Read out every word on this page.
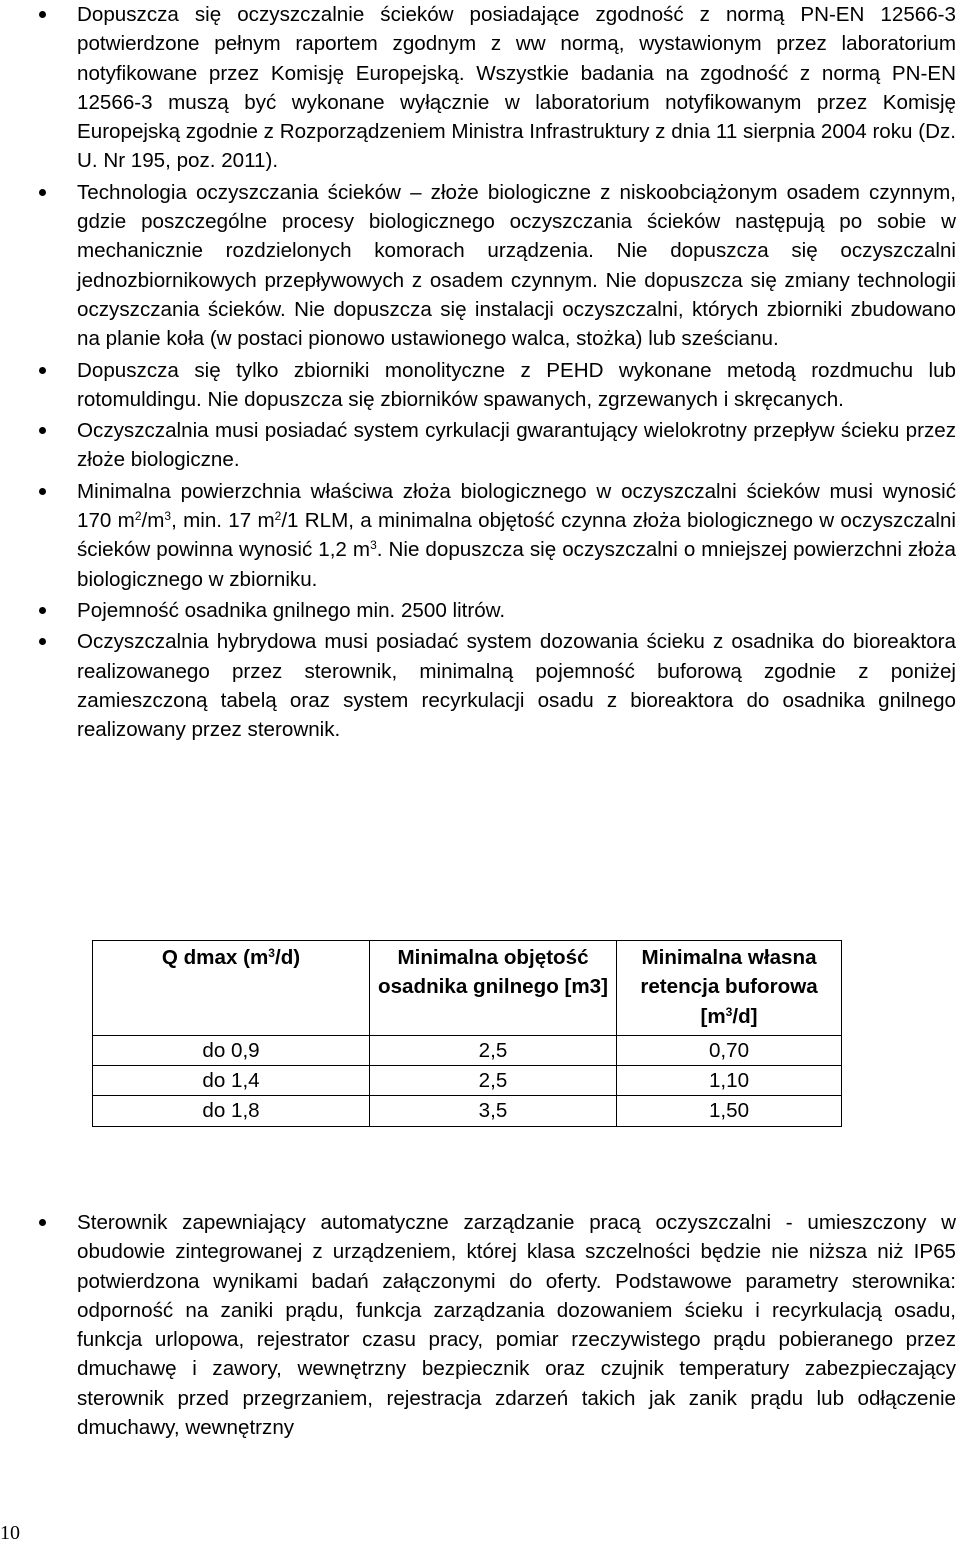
Dopuszcza się oczyszczalnie ścieków posiadające zgodność z normą PN-EN 12566-3 potwierdzone pełnym raportem zgodnym z ww normą, wystawionym przez laboratorium notyfikowane przez Komisję Europejską. Wszystkie badania na zgodność z normą PN-EN 12566-3 muszą być wykonane wyłącznie w laboratorium notyfikowanym przez Komisję Europejską zgodnie z Rozporządzeniem Ministra Infrastruktury z dnia 11 sierpnia 2004 roku (Dz. U. Nr 195, poz. 2011).
Technologia oczyszczania ścieków – złoże biologiczne z niskoobciążonym osadem czynnym, gdzie poszczególne procesy biologicznego oczyszczania ścieków następują po sobie w mechanicznie rozdzielonych komorach urządzenia. Nie dopuszcza się oczyszczalni jednozbiornikowych przepływowych z osadem czynnym. Nie dopuszcza się zmiany technologii oczyszczania ścieków. Nie dopuszcza się instalacji oczyszczalni, których zbiorniki zbudowano na planie koła (w postaci pionowo ustawionego walca, stożka) lub sześcianu.
Dopuszcza się tylko zbiorniki monolityczne z PEHD wykonane metodą rozdmuchu lub rotomuldingu. Nie dopuszcza się zbiorników spawanych, zgrzewanych i skręcanych.
Oczyszczalnia musi posiadać system cyrkulacji gwarantujący wielokrotny przepływ ścieku przez złoże biologiczne.
Minimalna powierzchnia właściwa złoża biologicznego w oczyszczalni ścieków musi wynosić 170 $m^2/m^3$, min. 17 $m^2/1$ RLM, a minimalna objętość czynna złoża biologicznego w oczyszczalni ścieków powinna wynosić 1,2 $m^3$. Nie dopuszcza się oczyszczalni o mniejszej powierzchni złoża biologicznego w zbiorniku.
Pojemność osadnika gnilnego min. 2500 litrów.
Oczyszczalnia hybrydowa musi posiadać system dozowania ścieku z osadnika do bioreaktora realizowanego przez sterownik, minimalną pojemność buforową zgodnie z poniżej zamieszczoną tabelą oraz system recyrkulacji osadu z bioreaktora do osadnika gnilnego realizowany przez sterownik.
Q dmax $(m^3/d)$	Minimalna objętość osadnika gnilnego [m3]	Minimalna własna retencja buforowa $[m^3/d]$
do 0,9	2,5	0,70
do 1,4	2,5	1,10
do 1,8	3,5	1,50
Sterownik zapewniający automatyczne zarządzanie pracą oczyszczalni - umieszczony w obudowie zintegrowanej z urządzeniem, której klasa szczelności będzie nie niższa niż IP65 potwierdzona wynikami badań załączonymi do oferty. Podstawowe parametry sterownika: odporność na zaniki prądu, funkcja zarządzania dozowaniem ścieku i recyrkulacją osadu, funkcja urlopowa, rejestrator czasu pracy, pomiar rzeczywistego prądu pobieranego przez dmuchawę i zawory, wewnętrzny bezpiecznik oraz czujnik temperatury zabezpieczający sterownik przed przegrzaniem, rejestracja zdarzeń takich jak zanik prądu lub odłączenie dmuchawy, wewnętrzny
10
